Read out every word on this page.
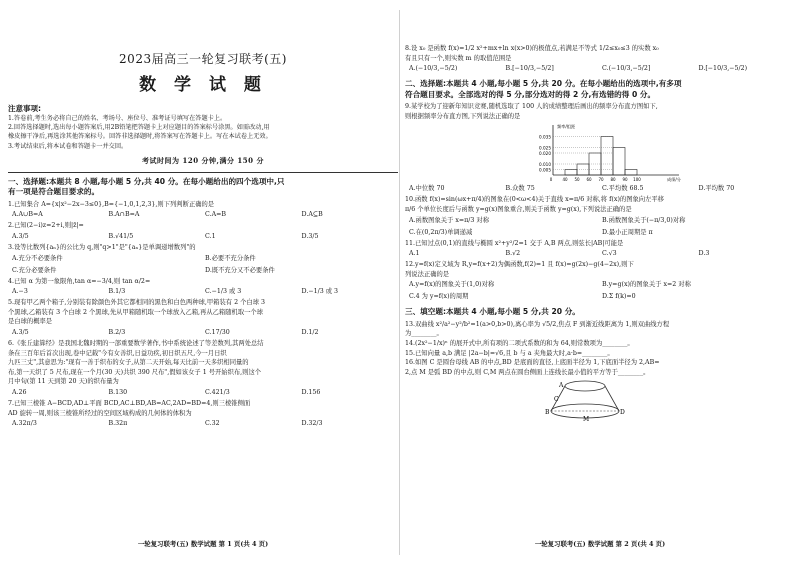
2023届高三一轮复习联考(五)
数 学 试 题
注意事项:
1.答卷前,考生务必将自己的姓名、考场号、座位号、准考证号填写在答题卡上。
2.回答选择题时,选出每小题答案后,用2B铅笔把答题卡上对应题目的答案标号涂黑。如需改动,用
橡皮擦干净后,再选涂其他答案标号。回答非选择题时,将答案写在答题卡上。写在本试卷上无效。
3.考试结束后,将本试卷和答题卡一并交回。
考试时间为 120 分钟,满分 150 分
一、选择题:本题共 8 小题,每小题 5 分,共 40 分。在每小题给出的四个选项中,只
有一项是符合题目要求的。
1.已知集合 A={x|x²−2x−3≤0},B={−1,0,1,2,3},则下列判断正确的是
A.A∪B=A	B.A∩B=A	C.A=B	D.A⊆B
2.已知(2−i)z=2+i,则|z̄|=
A.3/5	B.√41/5	C.1	D.3/5
3.设等比数列{aₙ}的公比为 q,则"q>1"是"{aₙ}是单调递增数列"的
A.充分不必要条件	B.必要不充分条件
C.充分必要条件	D.既不充分又不必要条件
4.已知 α 为第一象限角,tan α=−3/4,则 tan α/2=
A.−3	B.1/3	C.−1/3 或 3	D.−1/3 或 3
5.现有甲乙两个箱子,分别装有除颜色外其它都相同的黑色和白色两种球,甲箱装有 2 个白球 3
个黑球,乙箱装有 3 个白球 2 个黑球,先从甲箱随机取一个球放入乙箱,再从乙箱随机取一个球
是白球的概率是
A.3/5	B.2/3	C.17/30	D.1/2
6.《张丘建算经》是我国北魏时期的一部重要数学著作,书中系统论述了等差数列,其两处总结
条在三百年后首次出现,卷中记载"今有女善织,日益功疾,初日织五尺,今一月日织
九匹三丈",其意思为:"现有一善于织布的女子,从第二天开始,每天比前一天多织相同量的
布,第一天织了 5 尺布,现在一个月(30 天)共织 390 尺布",假如该女子 1 号开始织布,则这个
月中旬(第 11 天到第 20 天)的织布量为
A.26	B.130	C.421/3	D.156
7.已知三棱锥 A−BCD,AD⊥平面 BCD,AC⊥BD,AB=AC,2AD=BD=4,则三棱锥侧面
AD 旋转一周,则该三棱锥所经过的空间区域构成的几何体的体积为
A.32π/3	B.32π	C.32	D.32/3
一轮复习联考(五) 数学试题 第 1 页(共 4 页)
8.设 x₀ 是函数 f(x)=1/2 x²+mx+ln x(x>0)的极值点,若满足不等式 1/2≤x₀≤3 的实数 x₀
有且只有一个,则实数 m 的取值范围是
A.(−10/3,−5/2)	B.[−10/3,−5/2]	C.(−10/3,−5/2]	D.[−10/3,−5/2)
二、选择题:本题共 4 小题,每小题 5 分,共 20 分。在每小题给出的选项中,有多项
符合题目要求。全部选对的得 5 分,部分选对的得 2 分,有选错的得 0 分。
9.某学校为了迎新年知识竞赛,随机选取了 100 人的成绩整理后画出的频率分布直方图如下,
则根据频率分布直方图,下列说法正确的是
0.035
0.025
0.020
0.010
0.005
0	40 50 60 70 80 90 100
频率/组距
成绩/分
A.中位数 70	B.众数 75	C.平均数 68.5	D.平均数 70
10.函数 f(x)=sin(ωx+π/4)的图象在(0<ω<4)关于直线 x=π/6 对称,将 f(x)的图象向左平移
π/6 个单位长度后与函数 y=g(x)图象重合,则关于函数 y=g(x),下列说法正确的是
A.函数图象关于 x=π/3 对称	B.函数图象关于(−π/3,0)对称
C.在(0,2π/3)单调递减	D.最小正周期是 π
11.已知过点(0,1)的直线与椭圆 x²+y²/2=1 交于 A,B 两点,则弦长|AB|可能是
A.1	B.√2	C.√3	D.3
12.y=f(x)定义域为 R,y=f(x+2)为偶函数,f(2)=1 且 f(x)=g(2x)−g(4−2x),则下
列说法正确的是
A.y=f(x)的图象关于(1,0)对称	B.y=g(x)的图象关于 x=2 对称
C.4 为 y=f(x)的周期	D.Σ f(k)=0
三、填空题:本题共 4 小题,每小题 5 分,共 20 分。
13.双曲线 x²/a²−y²/b²=1(a>0,b>0),离心率为 √5/2,焦点 F 到渐近线距离为 1,则双曲线方程
为________。
14.(2x²−1/x)ⁿ 的展开式中,所有项的二项式系数的和为 64,则常数项为________。
15.已知向量 a,b 满足 |2a−b|=√6,且 b 与 a 夹角最大时,a·b=________。
16.如图 C 是圆台母线 AB 的中点,BD 是底面的直径,上底面半径为 1,下底面半径为 2,AB=
2,点 M 是弧 BD 的中点,则 C,M 两点在圆台侧面上连线长最小值的平方等于________。
A
B
C
D
M
一轮复习联考(五) 数学试题 第 2 页(共 4 页)
